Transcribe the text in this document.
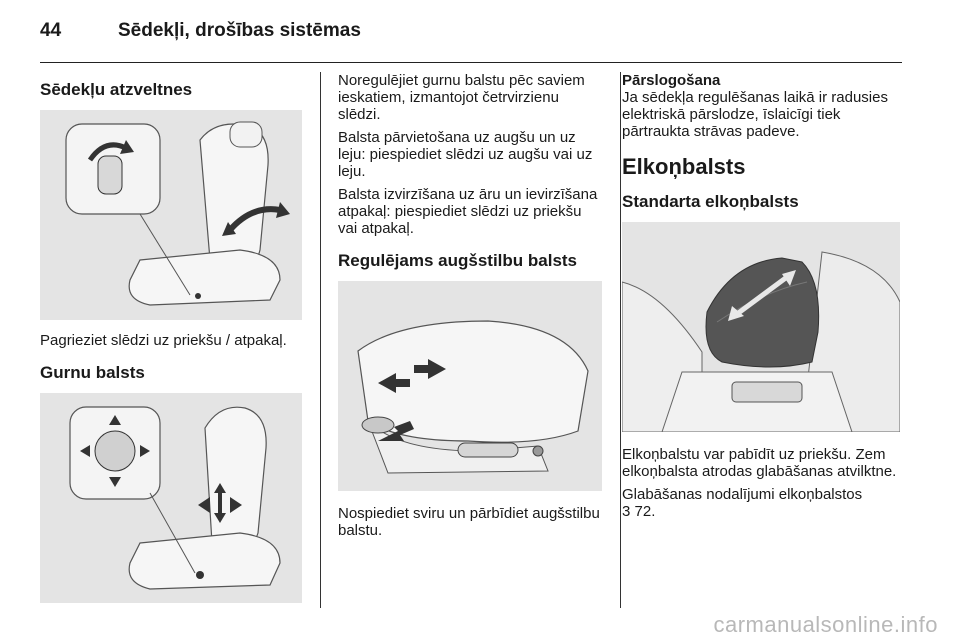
44	Sēdekļi, drošības sistēmas
Sēdekļu atzveltnes

Pagrieziet slēdzi uz priekšu / atpakaļ.

Gurnu balsts

Noregulējiet gurnu balstu pēc saviem ieskatiem, izmantojot četrvirzienu slēdzi.

Balsta pārvietošana uz augšu un uz leju: piespiediet slēdzi uz augšu vai uz leju.

Balsta izvirzīšana uz āru un ievirzīšana atpakaļ: piespiediet slēdzi uz priekšu vai atpakaļ.

Regulējams augšstilbu balsts

Nospiediet sviru un pārbīdiet augšstilbu balstu.

Pārslogošana

Ja sēdekļa regulēšanas laikā ir radusies elektriskā pārslodze, īslaicīgi tiek pārtraukta strāvas padeve.

Elkoņbalsts
Standarta elkoņbalsts

Elkoņbalstu var pabīdīt uz priekšu. Zem elkoņbalsta atrodas glabāšanas atvilktne.

Glabāšanas nodalījumi elkoņbalstos

3 72.

carmanualsonline.info
